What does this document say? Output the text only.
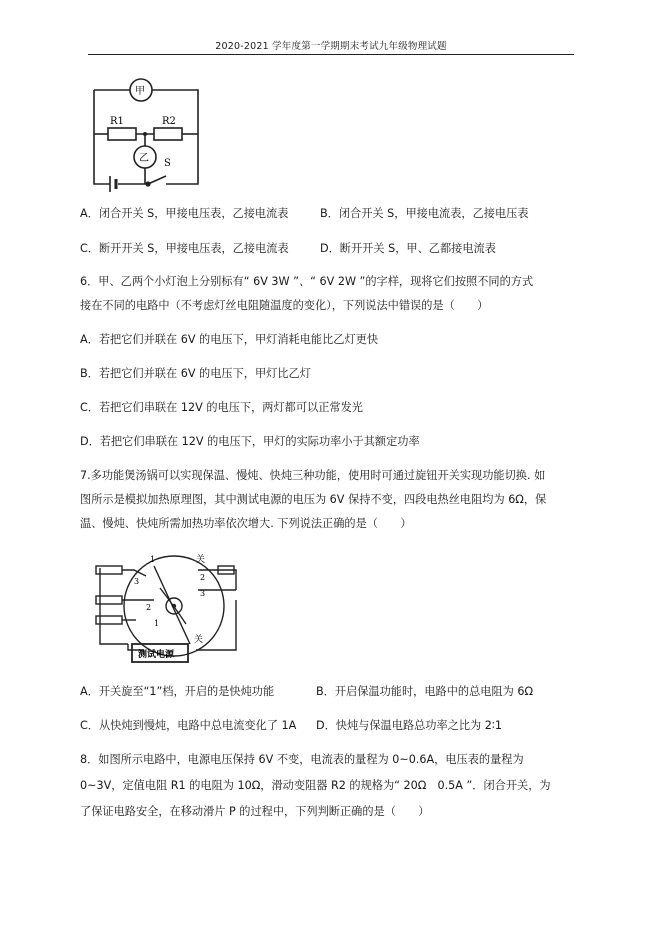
2020-2021 学年度第一学期期末考试九年级物理试题
甲
乙
R1	R2
S
A．闭合开关 S，甲接电压表，乙接电流表	B．闭合开关 S，甲接电流表，乙接电压表
C．断开开关 S，甲接电压表，乙接电流表	D．断开开关 S，甲、乙都接电流表
6．甲、乙两个小灯泡上分别标有“ 6V 3W ”、“ 6V 2W ”的字样，现将它们按照不同的方式
接在不同的电路中（不考虑灯丝电阻随温度的变化），下列说法中错误的是（　　）
A．若把它们并联在 6V 的电压下，甲灯消耗电能比乙灯更快
B．若把它们并联在 6V 的电压下，甲灯比乙灯
C．若把它们串联在 12V 的电压下，两灯都可以正常发光
D．若把它们串联在 12V 的电压下，甲灯的实际功率小于其额定功率
7.多功能煲汤锅可以实现保温、慢炖、快炖三种功能，使用时可通过旋钮开关实现功能切换. 如
图所示是模拟加热原理图，其中测试电源的电压为 6V 保持不变，四段电热丝电阻均为 6Ω，保
温、慢炖、快炖所需加热功率依次增大. 下列说法正确的是（　　）
关
关
1
2
3
3
2
1
测试电源
A．开关旋至“1”档，开启的是快炖功能	B．开启保温功能时，电路中的总电阻为 6Ω
C．从快炖到慢炖，电路中总电流变化了 1A D．快炖与保温电路总功率之比为 2∶1
8．如图所示电路中，电源电压保持 6V 不变，电流表的量程为 0~0.6A，电压表的量程为
0~3V，定值电阻 R1 的电阻为 10Ω，滑动变阻器 R2 的规格为“ 20Ω　0.5A ”．闭合开关，为
了保证电路安全，在移动滑片 P 的过程中，下列判断正确的是（　　）
